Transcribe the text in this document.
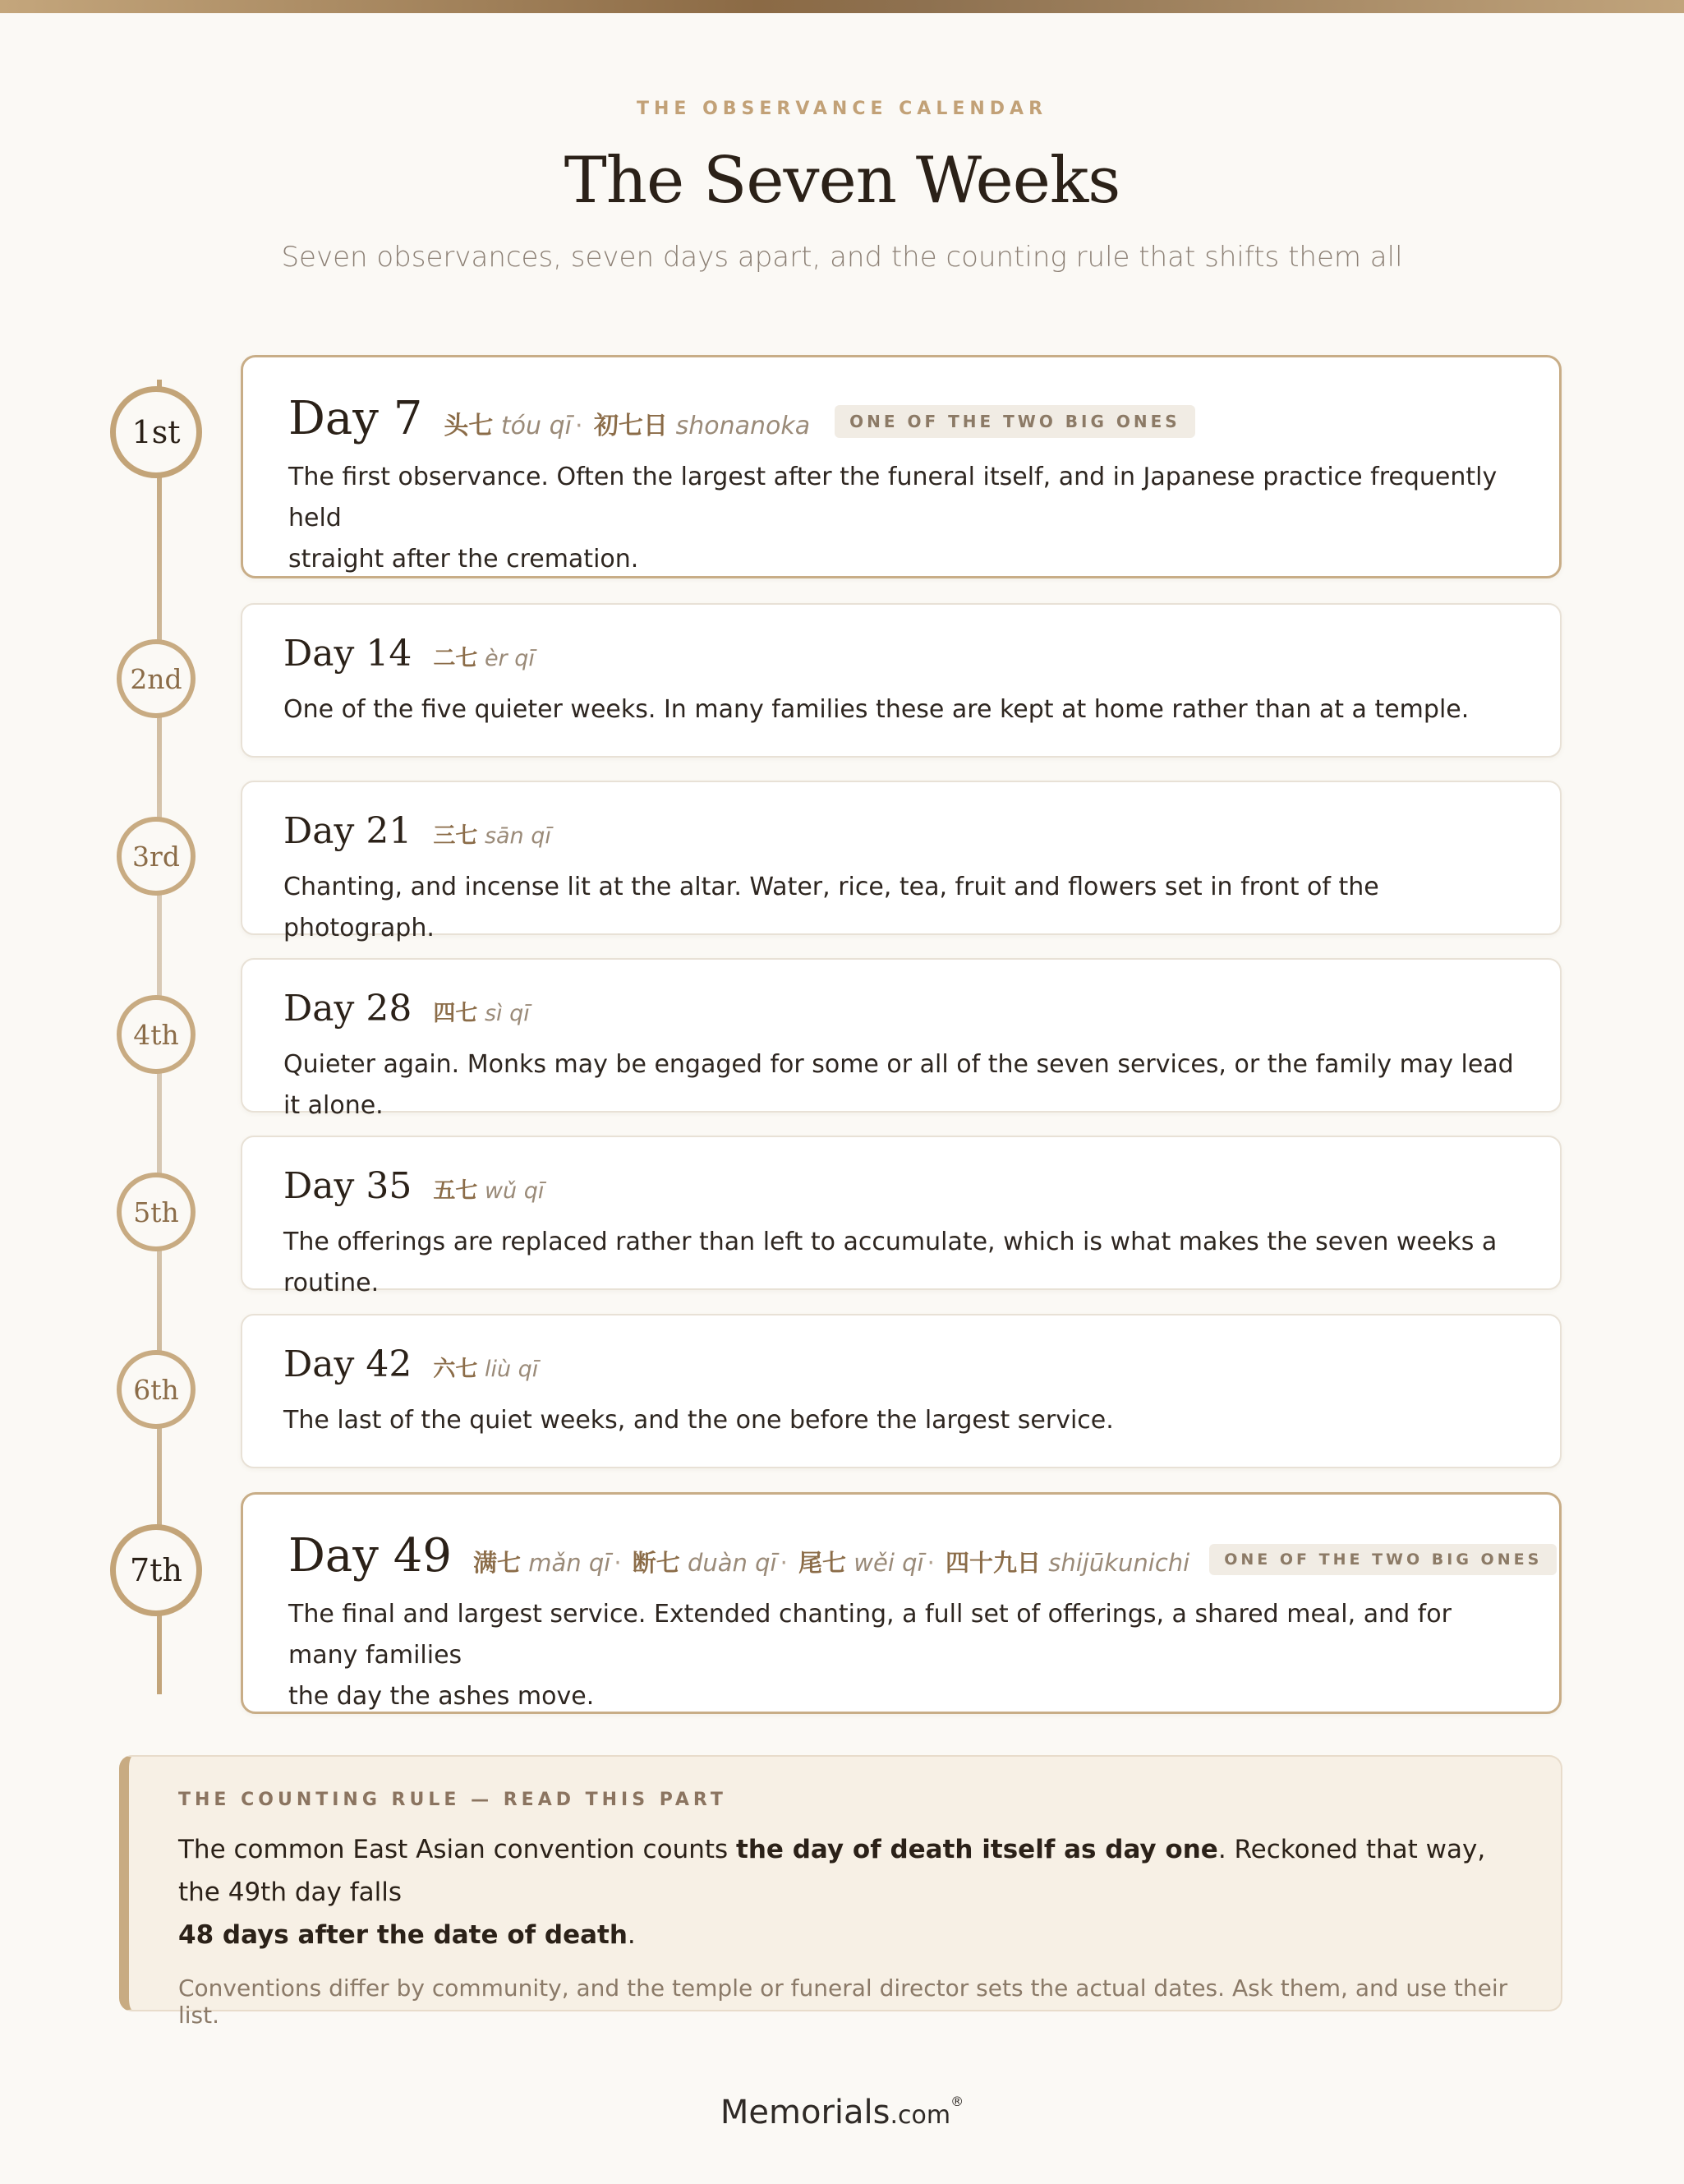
THE OBSERVANCE CALENDAR
The Seven Weeks
Seven observances, seven days apart, and the counting rule that shifts them all
1st
2nd
3rd
4th
5th
6th
7th
Day 7 头七 tóu qī · 初七日 shonanoka	ONE OF THE TWO BIG ONES
The first observance. Often the largest after the funeral itself, and in Japanese practice frequently held
straight after the cremation.
Day 14 二七 èr qī
One of the five quieter weeks. In many families these are kept at home rather than at a temple.
Day 21 三七 sān qī
Chanting, and incense lit at the altar. Water, rice, tea, fruit and flowers set in front of the photograph.
Day 28 四七 sì qī
Quieter again. Monks may be engaged for some or all of the seven services, or the family may lead it alone.
Day 35 五七 wǔ qī
The offerings are replaced rather than left to accumulate, which is what makes the seven weeks a routine.
Day 42 六七 liù qī
The last of the quiet weeks, and the one before the largest service.
Day 49 满七 mǎn qī · 断七 duàn qī · 尾七 wěi qī · 四十九日 shijūkunichi	ONE OF THE TWO BIG ONES
The final and largest service. Extended chanting, a full set of offerings, a shared meal, and for many families
the day the ashes move.
THE COUNTING RULE — READ THIS PART
The common East Asian convention counts the day of death itself as day one. Reckoned that way, the 49th day falls
48 days after the date of death.
Conventions differ by community, and the temple or funeral director sets the actual dates. Ask them, and use their list.
Memorials.com®
